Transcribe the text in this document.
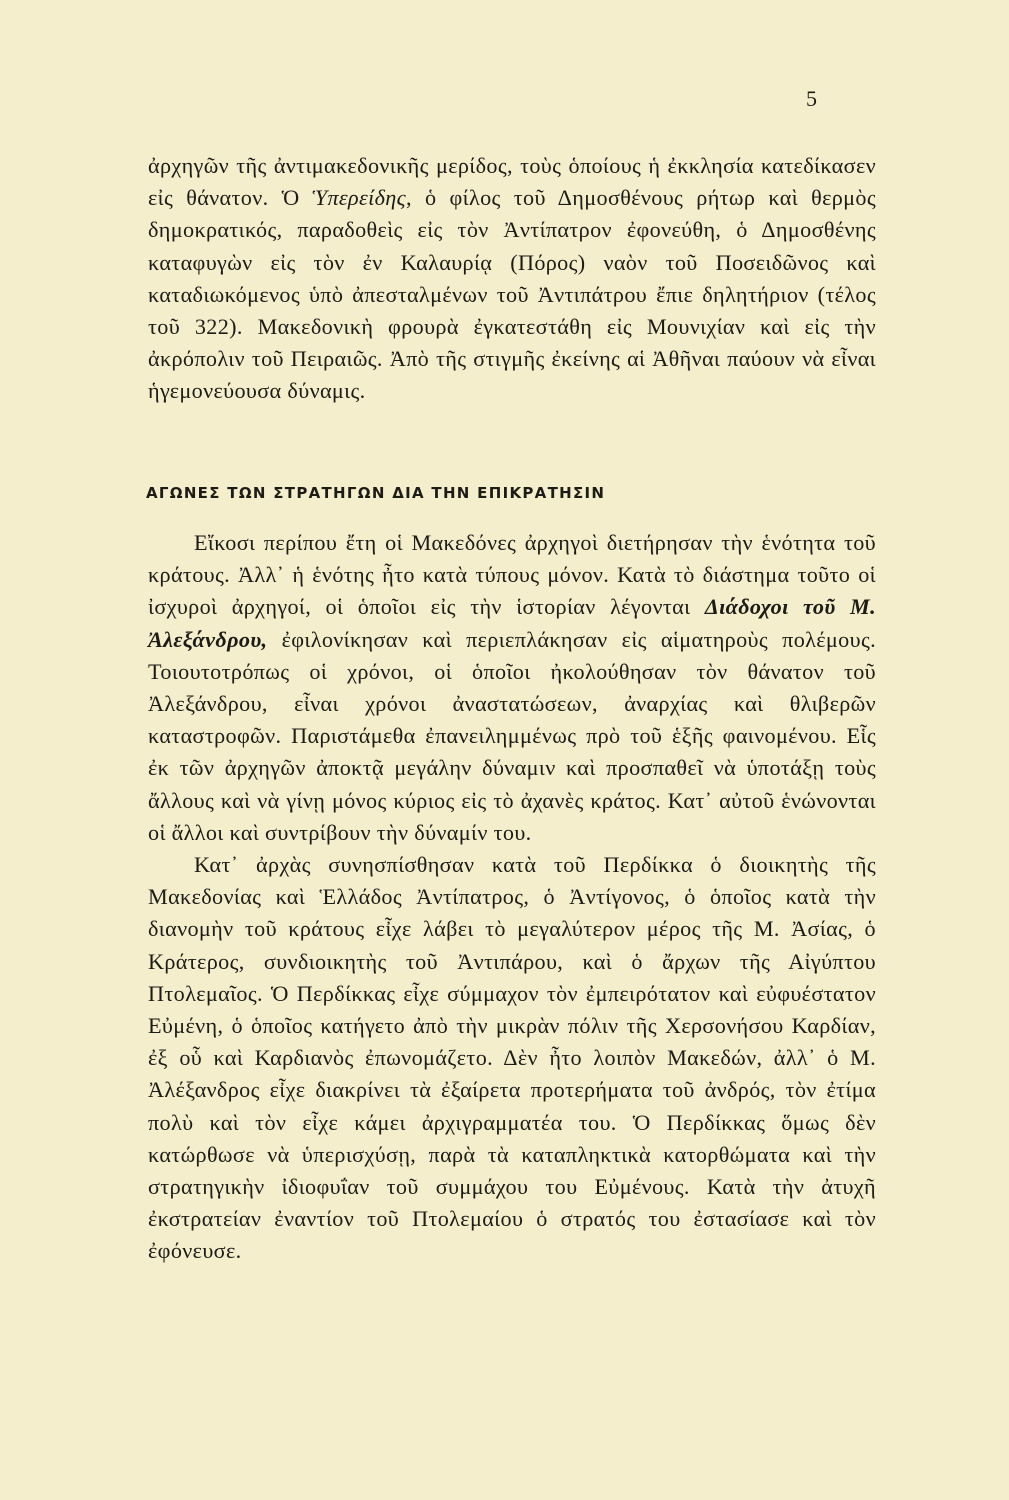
5

ἀρχηγῶν τῆς ἀντιμακεδονικῆς μερίδος, τοὺς ὁποίους ἡ ἐκκλησία κατεδίκασεν εἰς θάνατον. Ὁ Ὑπερείδης, ὁ φίλος τοῦ Δημοσθένους ρήτωρ καὶ θερμὸς δημοκρατικός, παραδοθεὶς εἰς τὸν Ἀντίπατρον ἐφονεύθη, ὁ Δημοσθένης καταφυγὼν εἰς τὸν ἐν Καλαυρίᾳ (Πόρος) ναὸν τοῦ Ποσειδῶνος καὶ καταδιωκόμενος ὑπὸ ἀπεσταλμένων τοῦ Ἀντιπάτρου ἔπιε δηλητήριον (τέλος τοῦ 322). Μακεδονικὴ φρουρὰ ἐγκατεστάθη εἰς Μουνιχίαν καὶ εἰς τὴν ἀκρόπολιν τοῦ Πειραιῶς. Ἀπὸ τῆς στιγμῆς ἐκείνης αἱ Ἀθῆναι παύουν νὰ εἶναι ἡγεμονεύουσα δύναμις.

ΑΓΩΝΕΣ ΤΩΝ ΣΤΡΑΤΗΓΩΝ ΔΙΑ ΤΗΝ ΕΠΙΚΡΑΤΗΣΙΝ

Εἴκοσι περίπου ἔτη οἱ Μακεδόνες ἀρχηγοὶ διετήρησαν τὴν ἑνότητα τοῦ κράτους. Ἀλλ᾽ ἡ ἑνότης ἦτο κατὰ τύπους μόνον. Κατὰ τὸ διάστημα τοῦτο οἱ ἰσχυροὶ ἀρχηγοί, οἱ ὁποῖοι εἰς τὴν ἱστορίαν λέγονται Διάδοχοι τοῦ Μ. Ἀλεξάνδρου, ἐφιλονίκησαν καὶ περιεπλάκησαν εἰς αἱματηροὺς πολέμους. Τοιουτοτρόπως οἱ χρόνοι, οἱ ὁποῖοι ἠκολούθησαν τὸν θάνατον τοῦ Ἀλεξάνδρου, εἶναι χρόνοι ἀναστατώσεων, ἀναρχίας καὶ θλιβερῶν καταστροφῶν. Παριστάμεθα ἐπανειλημμένως πρὸ τοῦ ἑξῆς φαινομένου. Εἷς ἐκ τῶν ἀρχηγῶν ἀποκτᾷ μεγάλην δύναμιν καὶ προσπαθεῖ νὰ ὑποτάξῃ τοὺς ἄλλους καὶ νὰ γίνῃ μόνος κύριος εἰς τὸ ἀχανὲς κράτος. Κατ᾽ αὐτοῦ ἑνώνονται οἱ ἄλλοι καὶ συντρίβουν τὴν δύναμίν του.

Κατ᾽ ἀρχὰς συνησπίσθησαν κατὰ τοῦ Περδίκκα ὁ διοικητὴς τῆς Μακεδονίας καὶ Ἑλλάδος Ἀντίπατρος, ὁ Ἀντίγονος, ὁ ὁποῖος κατὰ τὴν διανομὴν τοῦ κράτους εἶχε λάβει τὸ μεγαλύτερον μέρος τῆς Μ. Ἀσίας, ὁ Κράτερος, συνδιοικητὴς τοῦ Ἀντιπάρου, καὶ ὁ ἄρχων τῆς Αἰγύπτου Πτολεμαῖος. Ὁ Περδίκκας εἶχε σύμμαχον τὸν ἐμπειρότατον καὶ εὐφυέστατον Εὐμένη, ὁ ὁποῖος κατήγετο ἀπὸ τὴν μικρὰν πόλιν τῆς Χερσονήσου Καρδίαν, ἐξ οὗ καὶ Καρδιανὸς ἐπωνομάζετο. Δὲν ἦτο λοιπὸν Μακεδών, ἀλλ᾽ ὁ Μ. Ἀλέξανδρος εἶχε διακρίνει τὰ ἐξαίρετα προτερήματα τοῦ ἀνδρός, τὸν ἐτίμα πολὺ καὶ τὸν εἶχε κάμει ἀρχιγραμματέα του. Ὁ Περδίκκας ὅμως δὲν κατώρθωσε νὰ ὑπερισχύσῃ, παρὰ τὰ καταπληκτικὰ κατορθώματα καὶ τὴν στρατηγικὴν ἰδιοφυΐαν τοῦ συμμάχου του Εὐμένους. Κατὰ τὴν ἀτυχῆ ἐκστρατείαν ἐναντίον τοῦ Πτολεμαίου ὁ στρατός του ἐστασίασε καὶ τὸν ἐφόνευσε.
